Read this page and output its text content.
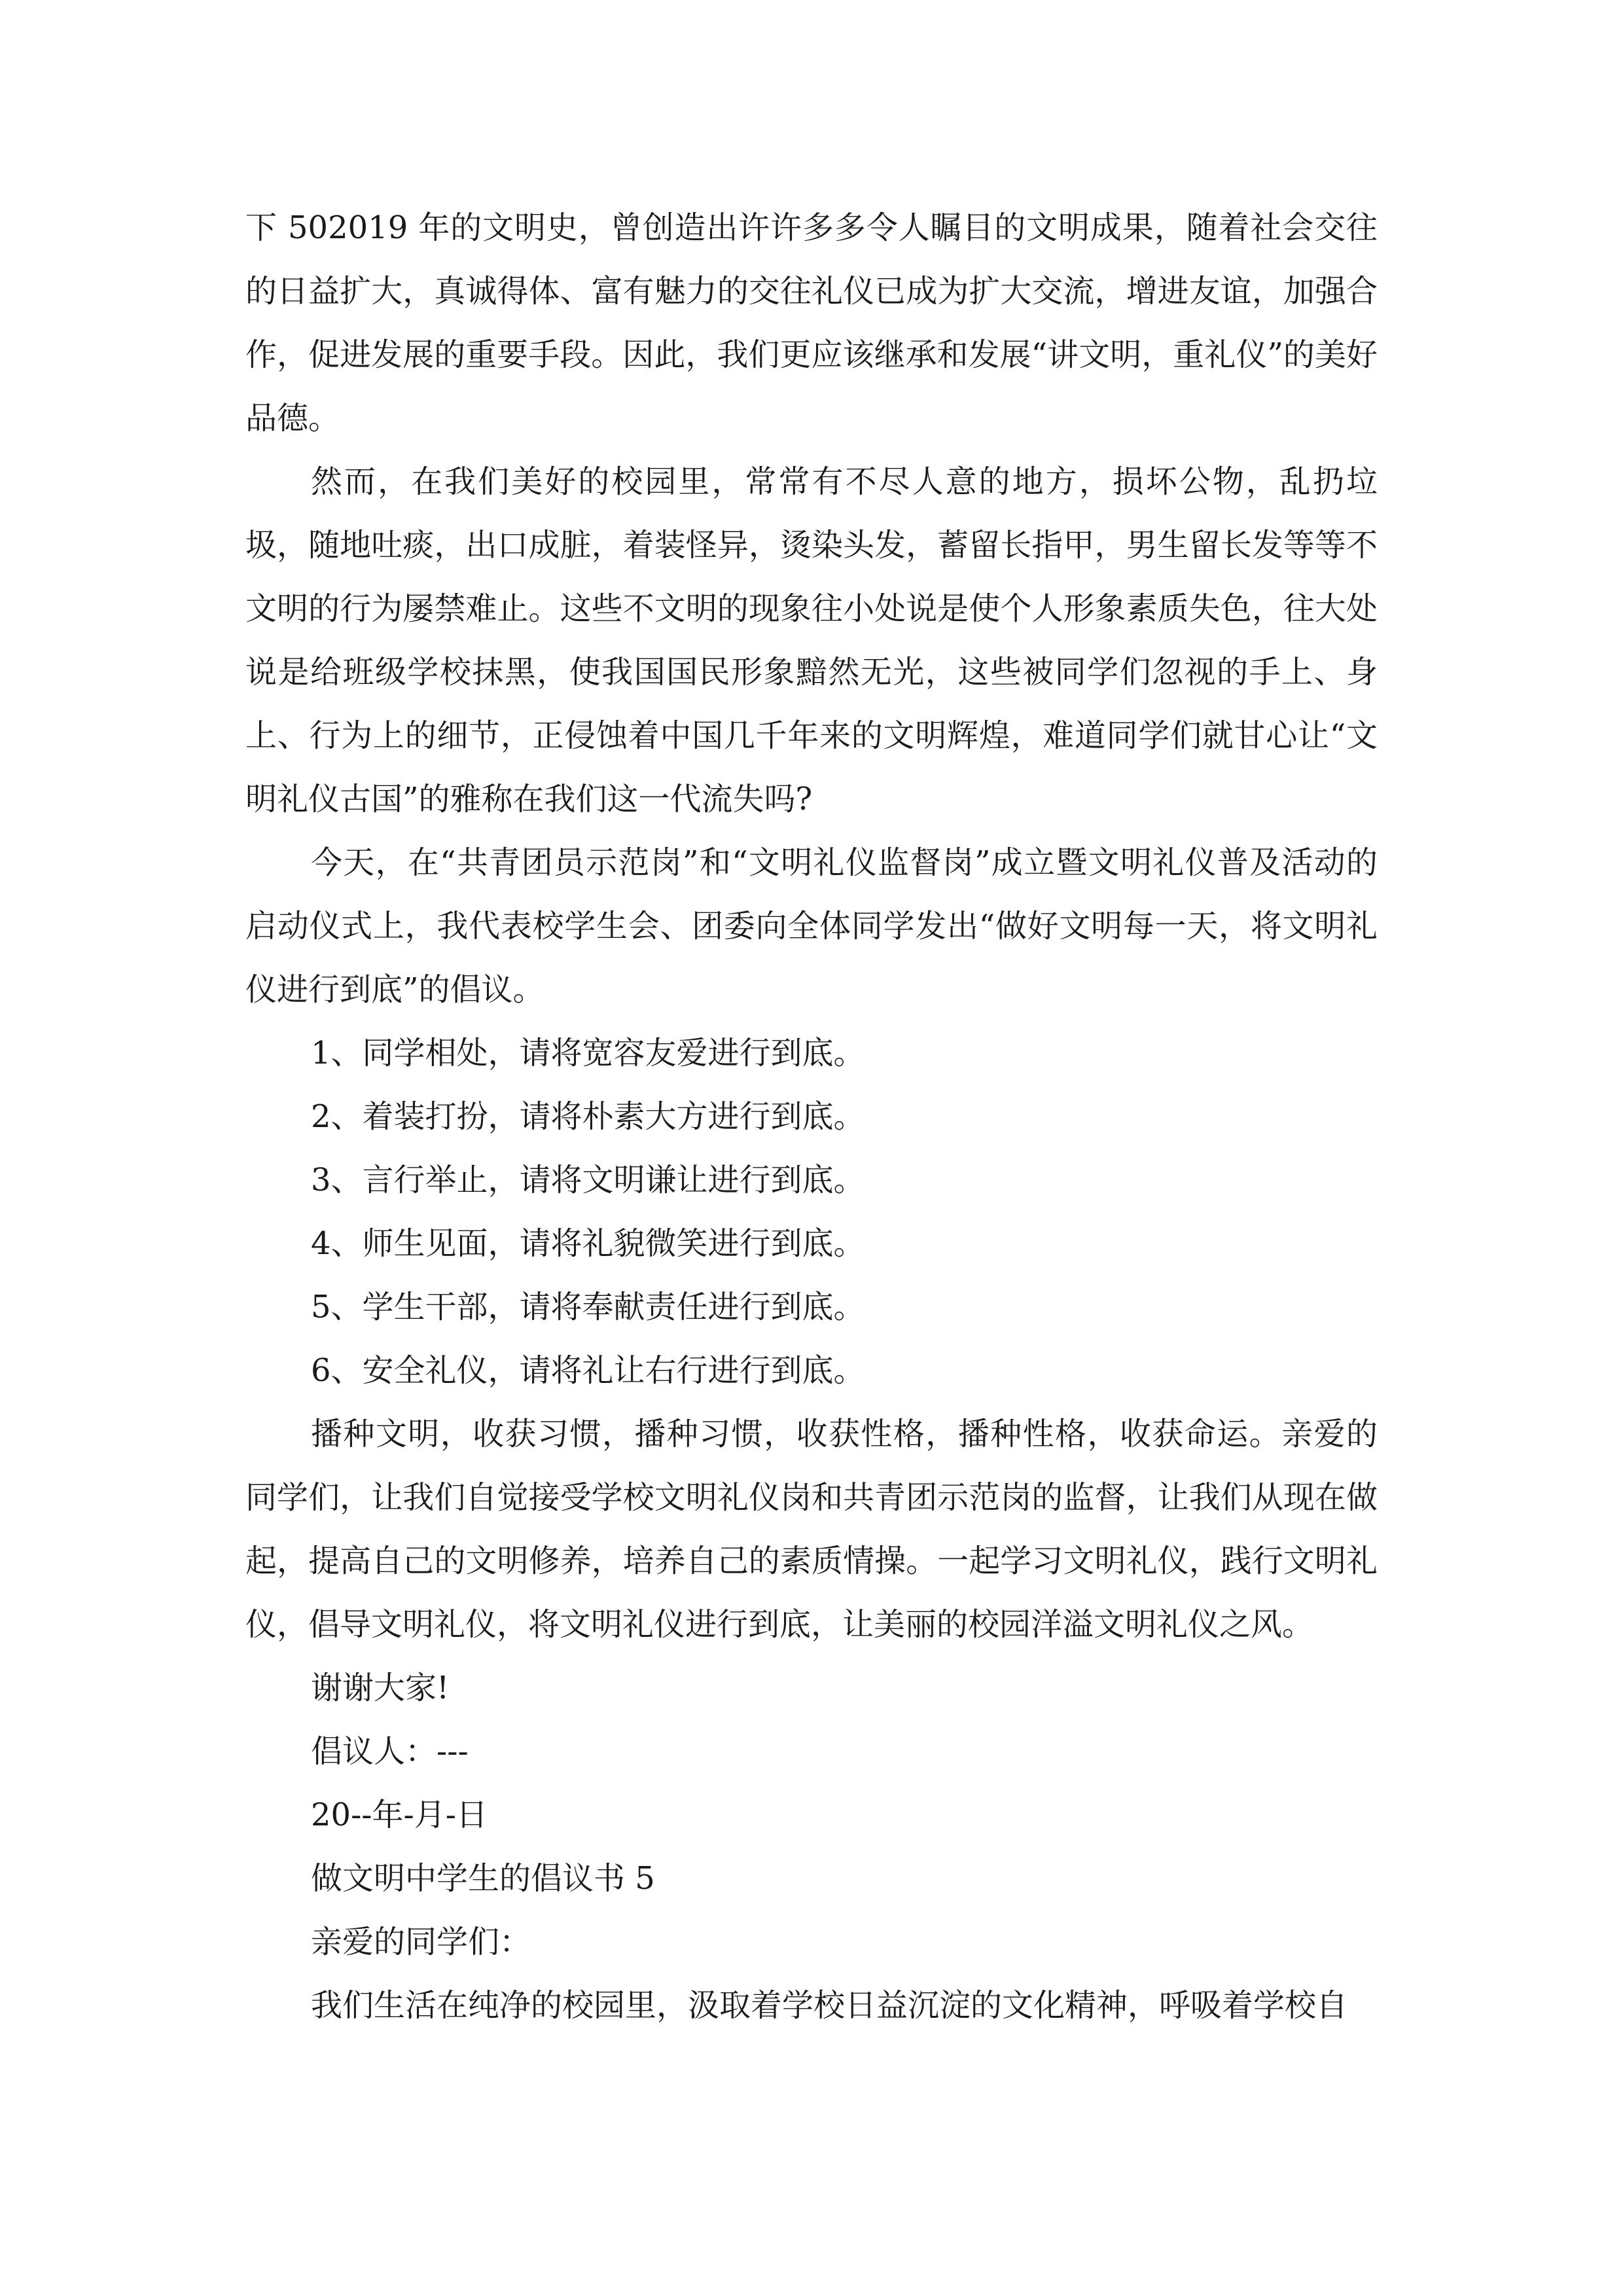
下 502019 年的文明史，曾创造出许许多多令人瞩目的文明成果，随着社会交往的日益扩大，真诚得体、富有魅力的交往礼仪已成为扩大交流，增进友谊，加强合作，促进发展的重要手段。因此，我们更应该继承和发展“讲文明，重礼仪”的美好品德。

然而，在我们美好的校园里，常常有不尽人意的地方，损坏公物，乱扔垃圾，随地吐痰，出口成脏，着装怪异，烫染头发，蓄留长指甲，男生留长发等等不文明的行为屡禁难止。这些不文明的现象往小处说是使个人形象素质失色，往大处说是给班级学校抹黑，使我国国民形象黯然无光，这些被同学们忽视的手上、身上、行为上的细节，正侵蚀着中国几千年来的文明辉煌，难道同学们就甘心让“文明礼仪古国”的雅称在我们这一代流失吗?

今天，在“共青团员示范岗”和“文明礼仪监督岗”成立暨文明礼仪普及活动的启动仪式上，我代表校学生会、团委向全体同学发出“做好文明每一天，将文明礼仪进行到底”的倡议。

1、同学相处，请将宽容友爱进行到底。

2、着装打扮，请将朴素大方进行到底。

3、言行举止，请将文明谦让进行到底。

4、师生见面，请将礼貌微笑进行到底。

5、学生干部，请将奉献责任进行到底。

6、安全礼仪，请将礼让右行进行到底。

播种文明，收获习惯，播种习惯，收获性格，播种性格，收获命运。亲爱的同学们，让我们自觉接受学校文明礼仪岗和共青团示范岗的监督，让我们从现在做起，提高自己的文明修养，培养自己的素质情操。一起学习文明礼仪，践行文明礼仪，倡导文明礼仪，将文明礼仪进行到底，让美丽的校园洋溢文明礼仪之风。

谢谢大家!

倡议人：---

20--年-月-日

做文明中学生的倡议书 5

亲爱的同学们：

我们生活在纯净的校园里，汲取着学校日益沉淀的文化精神，呼吸着学校自
